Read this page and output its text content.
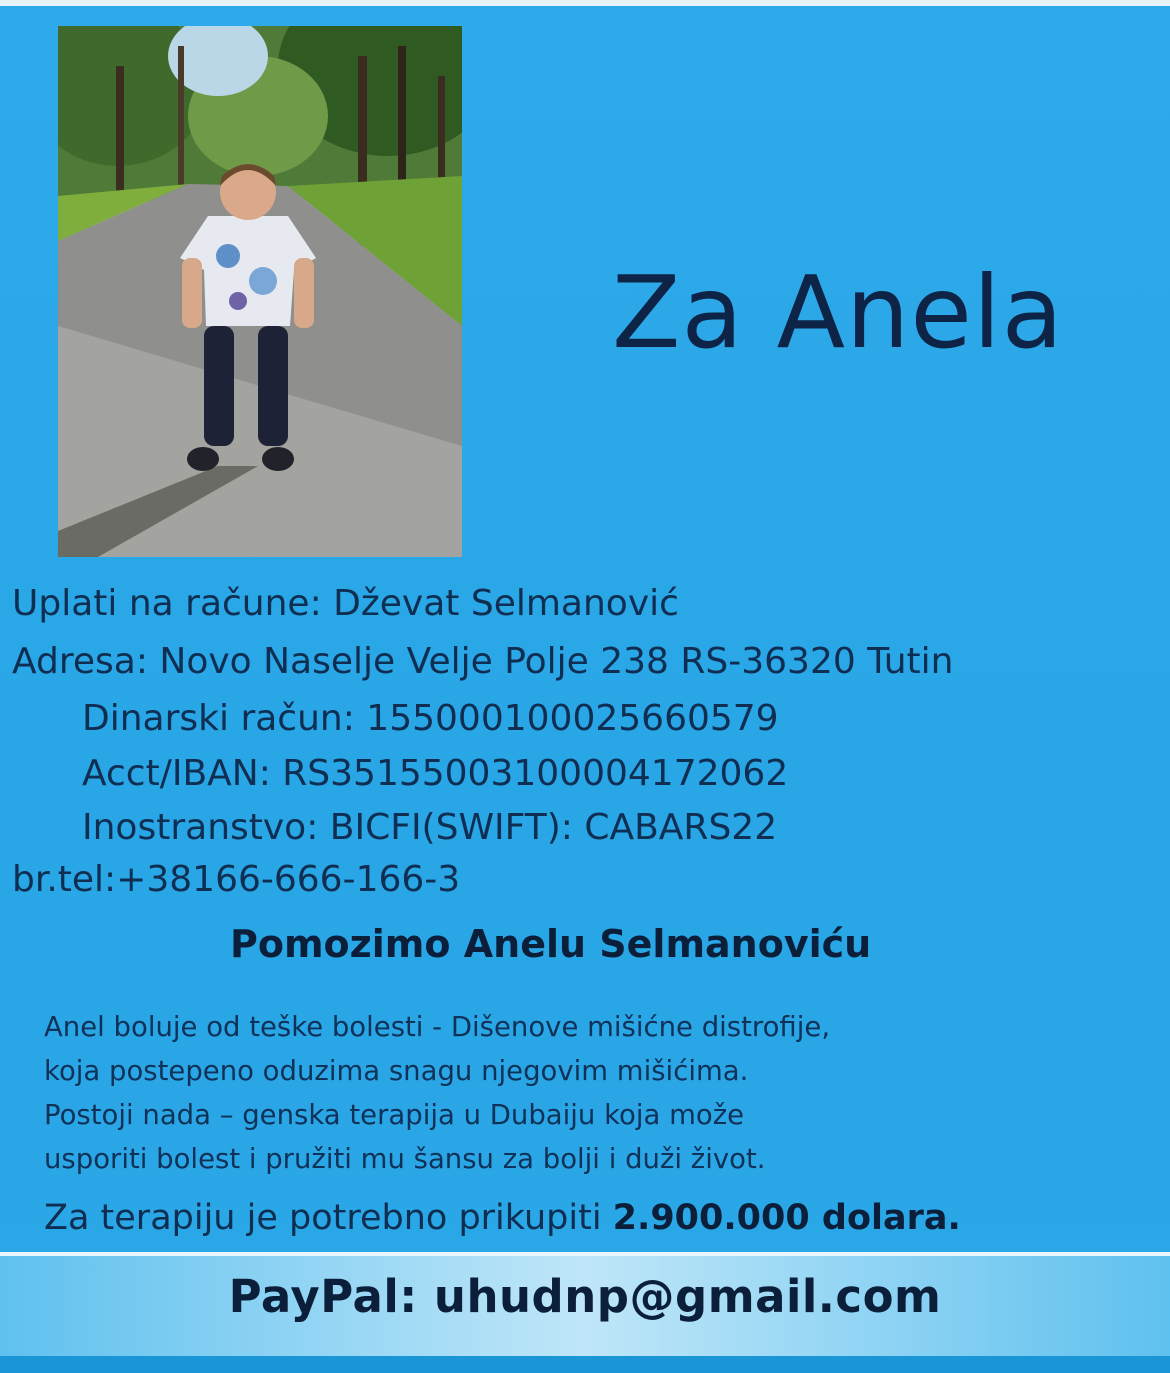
Za Anela
Uplati na račune: Dževat Selmanović
Adresa: Novo Naselje Velje Polje 238 RS-36320 Tutin
Dinarski račun: 155000100025660579
Acct/IBAN: RS35155003100004172062
Inostranstvo: BICFI(SWIFT): CABARS22
br.tel:+38166-666-166-3
Pomozimo Anelu Selmanoviću
Anel boluje od teške bolesti - Dišenove mišićne distrofije,
koja postepeno oduzima snagu njegovim mišićima.
Postoji nada – genska terapija u Dubaiju koja može
usporiti bolest i pružiti mu šansu za bolji i duži život.
Za terapiju je potrebno prikupiti 2.900.000 dolara.
PayPal: uhudnp@gmail.com
